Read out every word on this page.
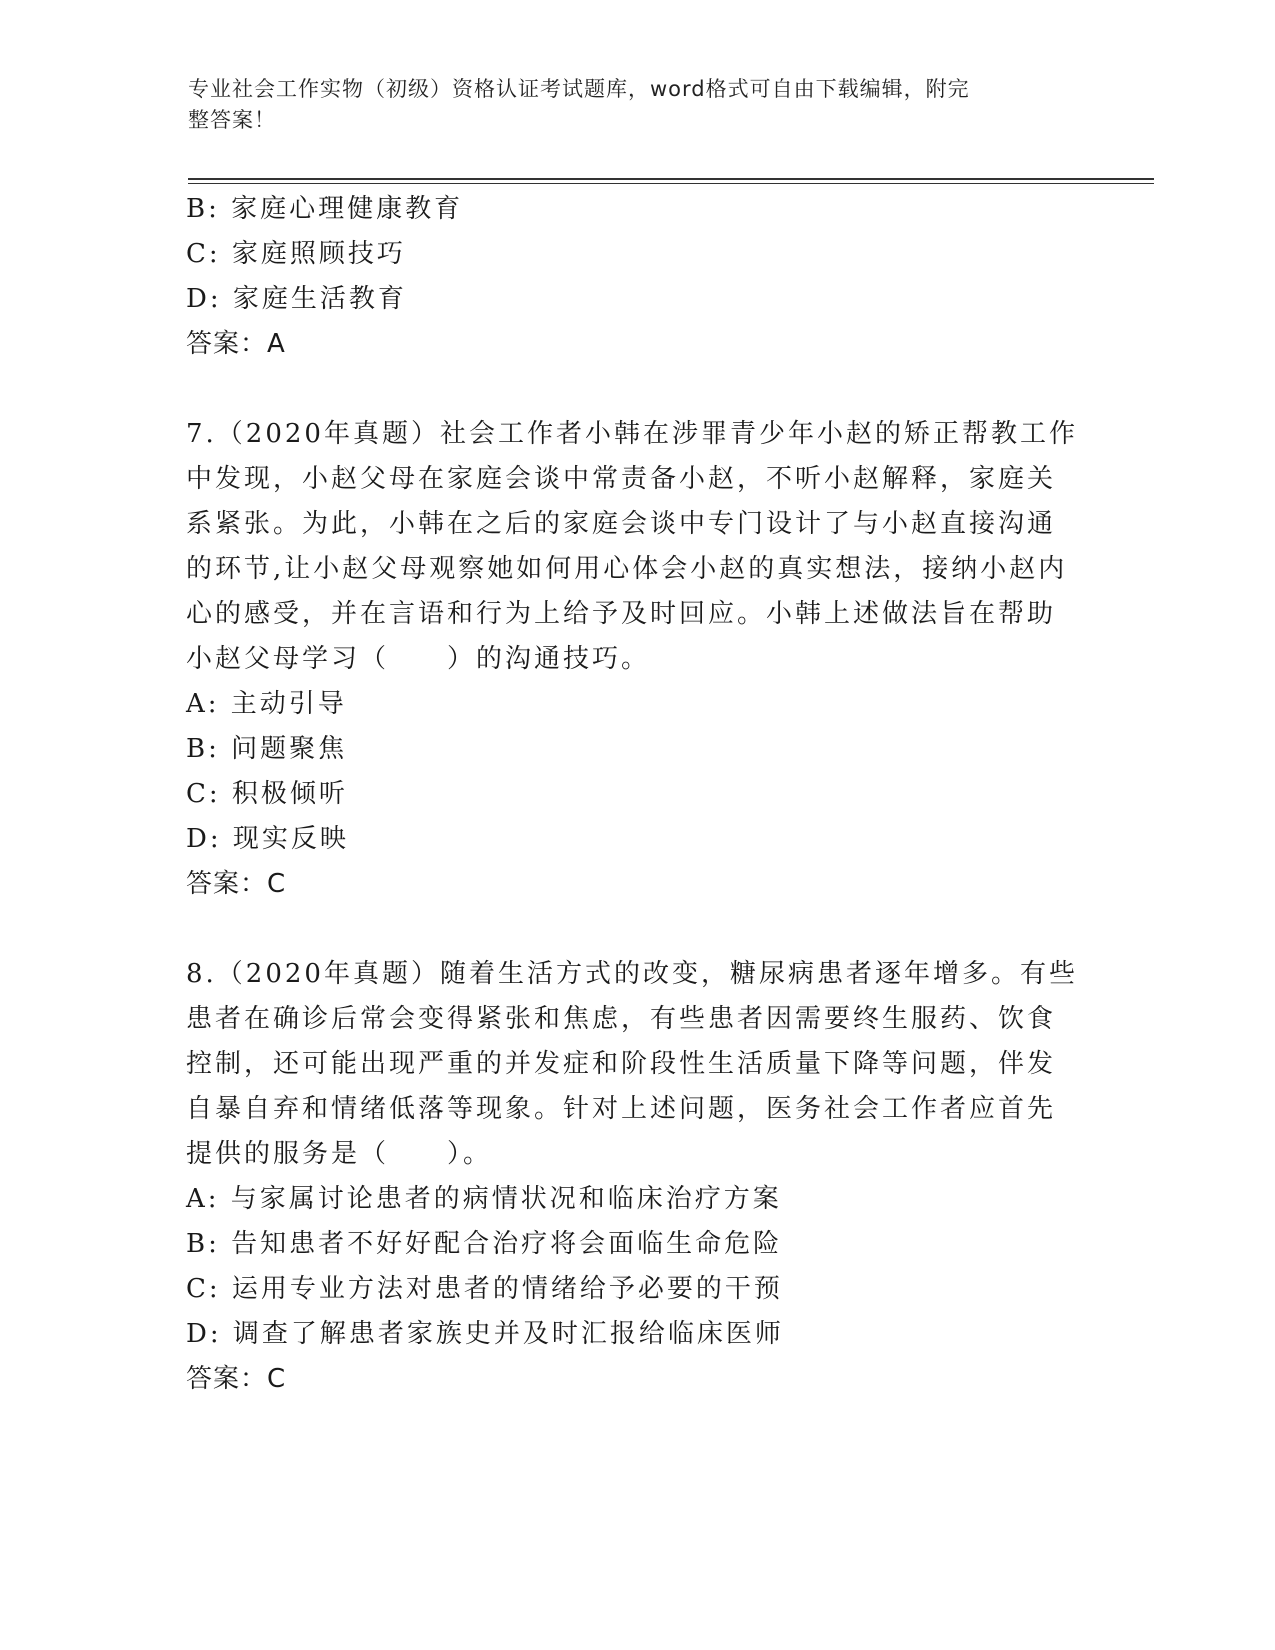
专业社会工作实物（初级）资格认证考试题库，word格式可自由下载编辑，附完
整答案！
B: 家庭心理健康教育
C: 家庭照顾技巧
D: 家庭生活教育
答案：A
7.（2020年真题）社会工作者小韩在涉罪青少年小赵的矫正帮教工作
中发现，小赵父母在家庭会谈中常责备小赵，不听小赵解释，家庭关
系紧张。为此，小韩在之后的家庭会谈中专门设计了与小赵直接沟通
的环节,让小赵父母观察她如何用心体会小赵的真实想法，接纳小赵内
心的感受，并在言语和行为上给予及时回应。小韩上述做法旨在帮助
小赵父母学习（　　）的沟通技巧。
A: 主动引导
B: 问题聚焦
C: 积极倾听
D: 现实反映
答案：C
8.（2020年真题）随着生活方式的改变，糖尿病患者逐年增多。有些
患者在确诊后常会变得紧张和焦虑，有些患者因需要终生服药、饮食
控制，还可能出现严重的并发症和阶段性生活质量下降等问题，伴发
自暴自弃和情绪低落等现象。针对上述问题，医务社会工作者应首先
提供的服务是（　　）。
A: 与家属讨论患者的病情状况和临床治疗方案
B: 告知患者不好好配合治疗将会面临生命危险
C: 运用专业方法对患者的情绪给予必要的干预
D: 调查了解患者家族史并及时汇报给临床医师
答案：C
